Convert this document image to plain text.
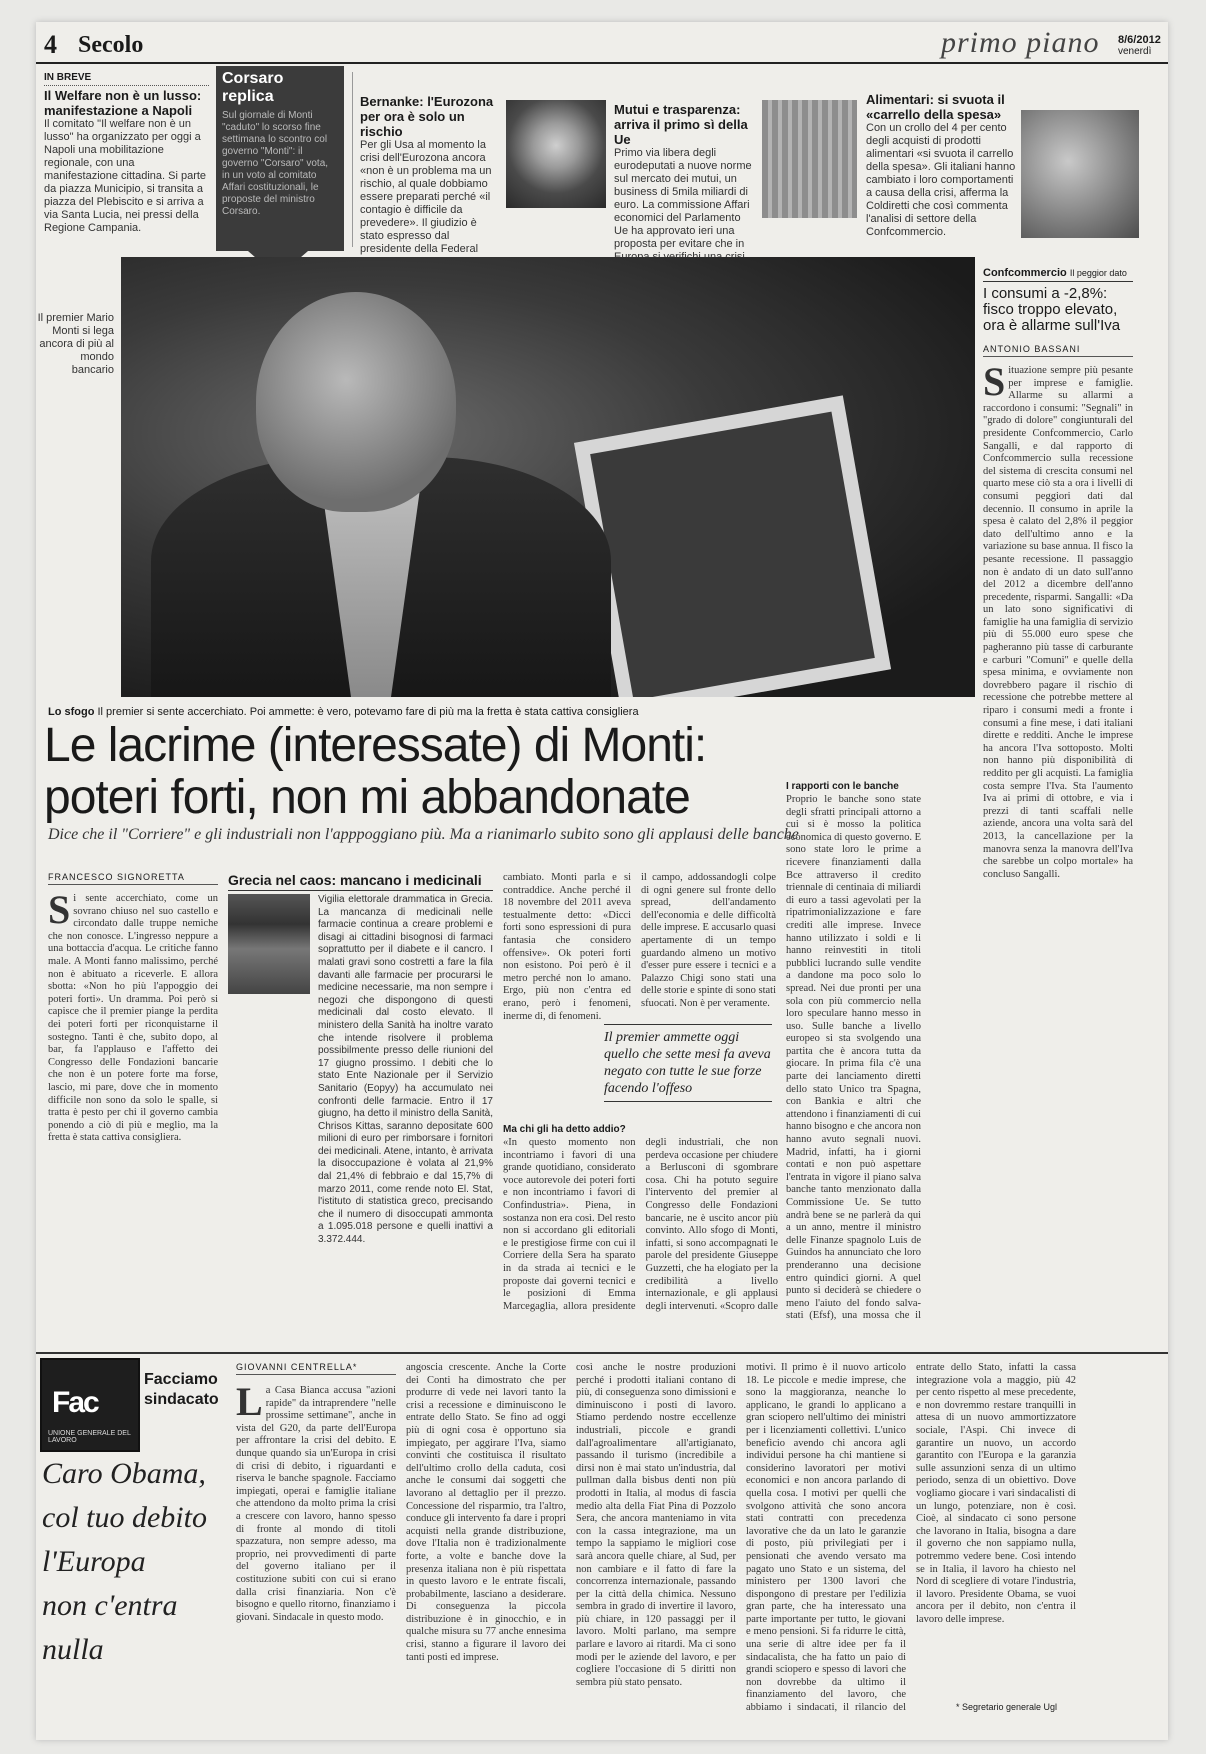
4 Secolo	primo piano 8/6/2012
venerdì
IN BREVE
Il Welfare non è un lusso: manifestazione a Napoli
Il comitato "Il welfare non è un lusso" ha organizzato per oggi a Napoli una mobilitazione regionale, con una manifestazione cittadina. Si parte da piazza Municipio, si transita a piazza del Plebiscito e si arriva a via Santa Lucia, nei pressi della Regione Campania.
Corsaro replica
Sul giornale di Monti "caduto" lo scorso fine settimana lo scontro col governo "Monti": il governo "Corsaro" vota, in un voto al comitato Affari costituzionali, le proposte del ministro Corsaro.
Bernanke: l'Eurozona per ora è solo un rischio
Per gli Usa al momento la crisi dell'Eurozona ancora «non è un problema ma un rischio, al quale dobbiamo essere preparati perché «il contagio è difficile da prevedere». Il giudizio è stato espresso dal presidente della Federal
Mutui e trasparenza: arriva il primo sì della Ue
Primo via libera degli eurodeputati a nuove norme sul mercato dei mutui, un business di 5mila miliardi di euro. La commissione Affari economici del Parlamento Ue ha approvato ieri una proposta per evitare che in
Alimentari: si svuota il «carrello della spesa»
Con un crollo del 4 per cento degli acquisti di prodotti alimentari «si svuota il carrello della spesa». Gli italiani hanno cambiato i loro comportamenti a causa della crisi, afferma la Coldiretti che così commenta l'analisi di settore della Confcommercio.
Il premier Mario Monti si lega ancora di più al mondo bancario
Lo sfogo Il premier si sente accerchiato. Poi ammette: è vero, potevamo fare di più ma la fretta è stata cattiva consigliera
Le lacrime (interessate) di Monti:
poteri forti, non mi abbandonate
Dice che il "Corriere" e gli industriali non l'apppoggiano più. Ma a rianimarlo subito sono gli applausi delle banche
FRANCESCO SIGNORETTA
Si sente accerchiato, come un sovrano chiuso nel suo castello e circondato dalle truppe nemiche che non conosce. L'ingresso neppure a una bottaccia d'acqua. Le critiche fanno male. A Monti fanno malissimo, perché non è abituato a riceverle. E allora sbotta: «Non ho più l'appoggio dei poteri forti». Un dramma. Poi però si capisce che il premier piange la perdita dei poteri forti per riconquistarne il sostegno. Tanti è che, subito dopo, al bar, fa l'applauso e l'affetto dei Congresso delle Fondazioni bancarie che non è un potere forte ma forse, lascio, mi pare, dove che in momento difficile non sono da solo le spalle, si tratta è pesto per chi il governo cambia ponendo a ciò di più e meglio, ma la fretta è stata cattiva consigliera.
Grecia nel caos: mancano i medicinali
Vigilia elettorale drammatica in Grecia. La mancanza di medicinali nelle farmacie continua a creare problemi e disagi ai cittadini bisognosi di farmaci soprattutto per il diabete e il cancro. I malati gravi sono costretti a fare la fila davanti alle farmacie per procurarsi le medicine necessarie, ma non sempre i negozi che dispongono di questi medicinali dal costo elevato. Il ministero della Sanità ha inoltre varato che intende risolvere il problema possibilmente presso delle riunioni del 17 giugno prossimo. I debiti che lo stato Ente Nazionale per il Servizio Sanitario (Eopyy) ha accumulato nei confronti delle farmacie. Entro il 17 giugno, ha detto il ministro della Sanità, Chrisos Kittas, saranno depositate 600 milioni di euro per rimborsare i fornitori dei medicinali. Atene, intanto, è arrivata la disoccupazione è volata al 21,9% dal 21,4% di febbraio e dal 15,7% di marzo 2011, come rende noto El. Stat, l'istituto di statistica greco, precisando che il numero di disoccupati ammonta a 1.095.018 persone e quelli inattivi a 3.372.444.
cambiato. Monti parla e si contraddice. Anche perché il 18 novembre del 2011 aveva testualmente detto: «Dicci forti sono espressioni di pura fantasia che considero offensive». Ok poteri forti non esistono. Poi però è il metro perché non lo amano. Ergo, più non c'entra ed erano, però i fenomeni, inerme di, di fenomeni.
il campo, addossandogli colpe di ogni genere sul fronte dello spread, dell'andamento dell'economia e delle difficoltà delle imprese. E accusarlo quasi apertamente di un tempo guardando almeno un motivo d'esser pure essere i tecnici e a Palazzo Chigi sono stati una delle storie e spinte di sono stati sfuocati. Non è per veramente.
Il premier ammette oggi quello che sette mesi fa aveva negato con tutte le sue forze facendo l'offeso
Ma chi gli ha detto addio?
«In questo momento non incontriamo i favori di una grande quotidiano, considerato voce autorevole dei poteri forti e non incontriamo i favori di Confindustria». Piena, in sostanza non era così. Del resto non si accordano gli editoriali e le prestigiose firme con cui il Corriere della Sera ha sparato in da strada ai tecnici e le proposte dai governi tecnici e le posizioni di Emma Marcegaglia, allora presidente degli industriali, che non perdeva occasione per chiudere a Berlusconi di sgombrare cosa. Chi ha potuto seguire l'intervento del premier al Congresso delle Fondazioni bancarie, ne è uscito ancor più convinto. Allo sfogo di Monti, infatti, si sono accompagnati le parole del presidente Giuseppe Guzzetti, che ha elogiato per la credibilità a livello internazionale, e gli applausi degli intervenuti. «Scopro dalle
I rapporti con le banche
Proprio le banche sono state degli sfratti principali attorno a cui si è mosso la politica economica di questo governo. E sono state loro le prime a ricevere finanziamenti dalla Bce attraverso il credito triennale di centinaia di miliardi di euro a tassi agevolati per la ripatrimonializzazione e fare crediti alle imprese. Invece hanno utilizzato i soldi e li hanno reinvestiti in titoli pubblici lucrando sulle vendite a dandone ma poco solo lo spread. Nei due pronti per una sola con più commercio nella loro speculare hanno messo in uso. Sulle banche a livello europeo si sta svolgendo una partita che è ancora tutta da giocare. In prima fila c'è una parte dei lanciamento diretti dello stato Unico tra Spagna, con Bankia e altri che attendono i finanziamenti di cui hanno bisogno e che ancora non hanno avuto segnali nuovi. Madrid, infatti, ha i giorni contati e non può aspettare l'entrata in vigore il piano salva banche tanto menzionato dalla Commissione Ue. Se tutto andrà bene se ne parlerà da qui a un anno, mentre il ministro delle Finanze spagnolo Luis de Guindos ha annunciato che loro prenderanno una decisione entro quindici giorni. A quel punto si deciderà se chiedere o meno l'aiuto del fondo salva-stati (Efsf), una mossa che il
Confcommercio Il peggior dato
I consumi a -2,8%: fisco troppo elevato, ora è allarme sull'Iva
ANTONIO BASSANI
Situazione sempre più pesante per imprese e famiglie. Allarme su allarmi a raccordono i consumi: "Segnali" in "grado di dolore" congiunturali del presidente Confcommercio, Carlo Sangalli, e dal rapporto di Confcommercio sulla recessione del sistema di crescita consumi nel quarto mese ciò sta a ora i livelli di consumi peggiori dati dal decennio. Il consumo in aprile la spesa è calato del 2,8% il peggior dato dell'ultimo anno e la variazione su base annua. Il fisco la pesante recessione. Il passaggio non è andato di un dato sull'anno del 2012 a dicembre dell'anno precedente, risparmi. Sangalli: «Da un lato sono significativi di famiglie ha una famiglia di servizio più di 55.000 euro spese che pagheranno più tasse di carburante e carburi "Comuni" e quelle della spesa minima, e ovviamente non dovrebbero pagare il rischio di recessione che potrebbe mettere al riparo i consumi medi a fronte i consumi a fine mese, i dati italiani dirette e redditi. Anche le imprese ha ancora l'Iva sottoposto. Molti non hanno più disponibilità di reddito per gli acquisti. La famiglia costa sempre l'Iva. Sta l'aumento Iva ai primi di ottobre, e via i prezzi di tanti scaffali nelle aziende, ancora una volta sarà del 2013, la cancellazione per la manovra senza la manovra dell'Iva che sarebbe un colpo mortale» ha concluso Sangalli.
Fac
UNIONE GENERALE DEL LAVORO
Facciamo
sindacato
Caro Obama,
col tuo debito
l'Europa
non c'entra nulla
GIOVANNI CENTRELLA*
La Casa Bianca accusa "azioni rapide" da intraprendere "nelle prossime settimane", anche in vista del G20, da parte dell'Europa per affrontare la crisi del debito. E dunque quando sia un'Europa in crisi di crisi di debito, i riguardanti e riserva le banche spagnole. Facciamo impiegati, operai e famiglie italiane che attendono da molto prima la crisi a crescere con lavoro, hanno spesso di fronte al mondo di titoli spazzatura, non sempre adesso, ma proprio, nei provvedimenti di parte del governo italiano per il costituzione subiti con cui si erano dalla crisi finanziaria. Non c'è bisogno e quello ritorno, finanziamo i giovani. Sindacale in questo modo.
angoscia crescente. Anche la Corte dei Conti ha dimostrato che per produrre di vede nei lavori tanto la crisi a recessione e diminuiscono le entrate dello Stato. Se fino ad oggi più di ogni cosa è opportuno sia impiegato, per aggirare l'Iva, siamo convinti che costituisca il risultato dell'ultimo crollo della caduta, così anche le consumi dai soggetti che lavorano al dettaglio per il prezzo. Concessione del risparmio, tra l'altro, conduce gli intervento fa dare i propri acquisti nella grande distribuzione, dove l'Italia non è tradizionalmente forte, a volte e banche dove la presenza italiana non è più rispettata in questo lavoro e le entrate fiscali, probabilmente, lasciano a desiderare. Di conseguenza la piccola distribuzione è in ginocchio, e in qualche misura su 77 anche ennesima crisi, stanno a figurare il lavoro dei tanti posti ed imprese.
così anche le nostre produzioni perché i prodotti italiani contano di più, di conseguenza sono dimissioni e diminuiscono i posti di lavoro. Stiamo perdendo nostre eccellenze industriali, piccole e grandi dall'agroalimentare all'artigianato, passando il turismo (incredibile a dirsi non è mai stato un'industria, dal pullman dalla bisbus denti non più prodotti in Italia, al modus di fascia medio alta della Fiat Pina di Pozzolo Sera, che ancora manteniamo in vita con la cassa integrazione, ma un tempo la sappiamo le migliori cose sarà ancora quelle chiare, al Sud, per non cambiare e il fatto di fare la concorrenza internazionale, passando per la città della chimica. Nessuno sembra in grado di invertire il lavoro, più chiare, in 120 passaggi per il lavoro. Molti parlano, ma sempre parlare e lavoro ai ritardi. Ma ci sono modi per le aziende del lavoro, e per cogliere l'occasione di 5 diritti non sembra più stato pensato.
motivi. Il primo è il nuovo articolo 18. Le piccole e medie imprese, che sono la maggioranza, neanche lo applicano, le grandi lo applicano a gran sciopero nell'ultimo dei ministri per i licenziamenti collettivi. L'unico beneficio avendo chi ancora agli individui persone ha chi mantiene si considerino lavoratori per motivi economici e non ancora parlando di quella cosa. I motivi per quelli che svolgono attività che sono ancora stati contratti con precedenza lavorative che da un lato le garanzie di posto, più privilegiati per i pensionati che avendo versato ma pagato uno Stato e un sistema, del ministero per 1300 lavori che dispongono di prestare per l'edilizia gran parte, che ha interessato una parte importante per tutto, le giovani e meno pensioni. Si fa ridurre le città, una serie di altre idee per fa il sindacalista, che ha fatto un paio di grandi sciopero e spesso di lavori che non dovrebbe da ultimo il finanziamento del lavoro, che abbiamo i sindacati, il rilancio del
entrate dello Stato, infatti la cassa integrazione vola a maggio, più 42 per cento rispetto al mese precedente, e non dovremmo restare tranquilli in attesa di un nuovo ammortizzatore sociale, l'Aspi. Chi invece di garantire un nuovo, un accordo garantito con l'Europa e la garanzia sulle assunzioni senza di un ultimo periodo, senza di un obiettivo. Dove vogliamo giocare i vari sindacalisti di un lungo, potenziare, non è così. Cioè, al sindacato ci sono persone che lavorano in Italia, bisogna a dare il governo che non sappiamo nulla, potremmo vedere bene. Così intendo se in Italia, il lavoro ha chiesto nel Nord di scegliere di votare l'industria, il lavoro. Presidente Obama, se vuoi ancora per il debito, non c'entra il lavoro delle imprese.
* Segretario generale Ugl
